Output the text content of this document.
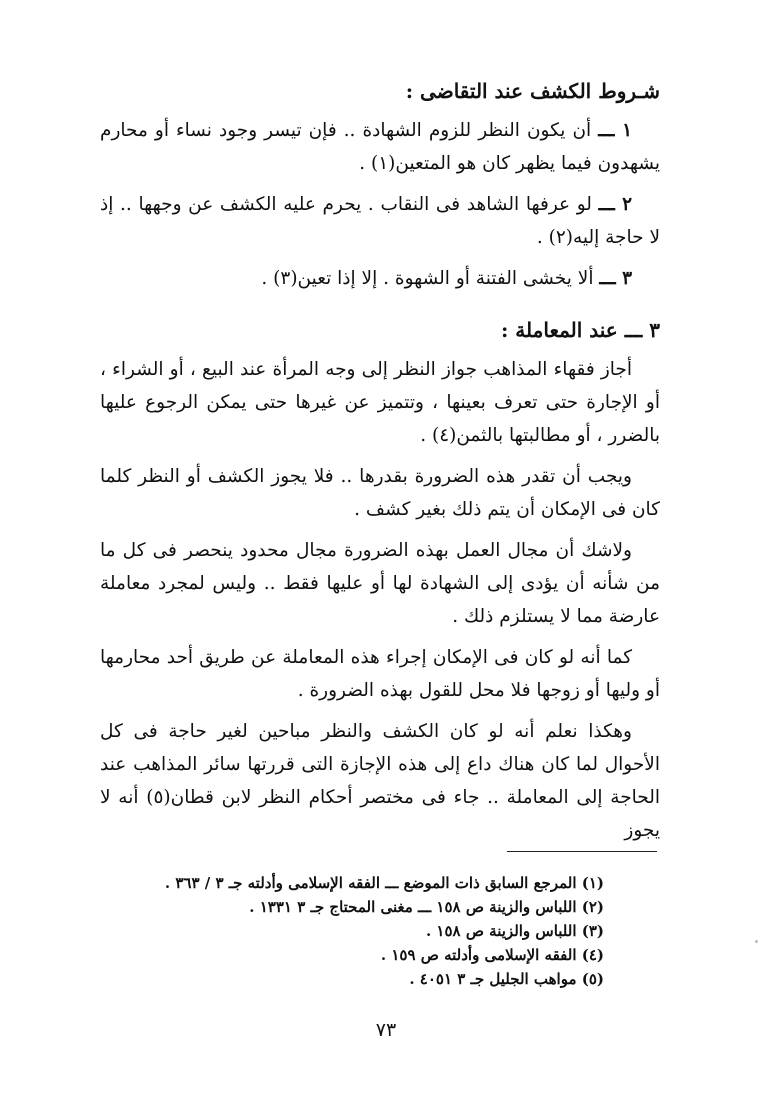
شـروط الكشف عند التقاضى :

١ ـــ أن يكون النظر للزوم الشهادة .. فإن تيسر وجود نساء أو محارم يشهدون فيما يظهر كان هو المتعين(١) .

٢ ـــ لو عرفها الشاهد فى النقاب . يحرم عليه الكشف عن وجهها .. إذ لا حاجة إليه(٢) .

٣ ـــ ألا يخشى الفتنة أو الشهوة . إلا إذا تعين(٣) .

٣ ـــ عند المعاملة :

أجاز فقهاء المذاهب جواز النظر إلى وجه المرأة عند البيع ، أو الشراء ، أو الإجارة حتى تعرف بعينها ، وتتميز عن غيرها حتى يمكن الرجوع عليها بالضرر ، أو مطالبتها بالثمن(٤) .

ويجب أن تقدر هذه الضرورة بقدرها .. فلا يجوز الكشف أو النظر كلما كان فى الإمكان أن يتم ذلك بغير كشف .

ولاشك أن مجال العمل بهذه الضرورة مجال محدود ينحصر فى كل ما من شأنه أن يؤدى إلى الشهادة لها أو عليها فقط .. وليس لمجرد معاملة عارضة مما لا يستلزم ذلك .

كما أنه لو كان فى الإمكان إجراء هذه المعاملة عن طريق أحد محارمها أو وليها أو زوجها فلا محل للقول بهذه الضرورة .

وهكذا نعلم أنه لو كان الكشف والنظر مباحين لغير حاجة فى كل الأحوال لما كان هناك داع إلى هذه الإجازة التى قررتها سائر المذاهب عند الحاجة إلى المعاملة .. جاء فى مختصر أحكام النظر لابن قطان(٥) أنه لا يجوز

(١) المرجع السابق ذات الموضع ـــ الفقه الإسلامى وأدلته جـ ٣ / ٣٦٣ .

(٢) اللباس والزينة ص ١٥٨ ـــ مغنى المحتاج جـ ٣ ١٣٣١ .

(٣) اللباس والزينة ص ١٥٨ .

(٤) الفقه الإسلامى وأدلته ص ١٥٩ .

(٥) مواهب الجليل جـ ٣ ٤٠٥١ .

٧٣
